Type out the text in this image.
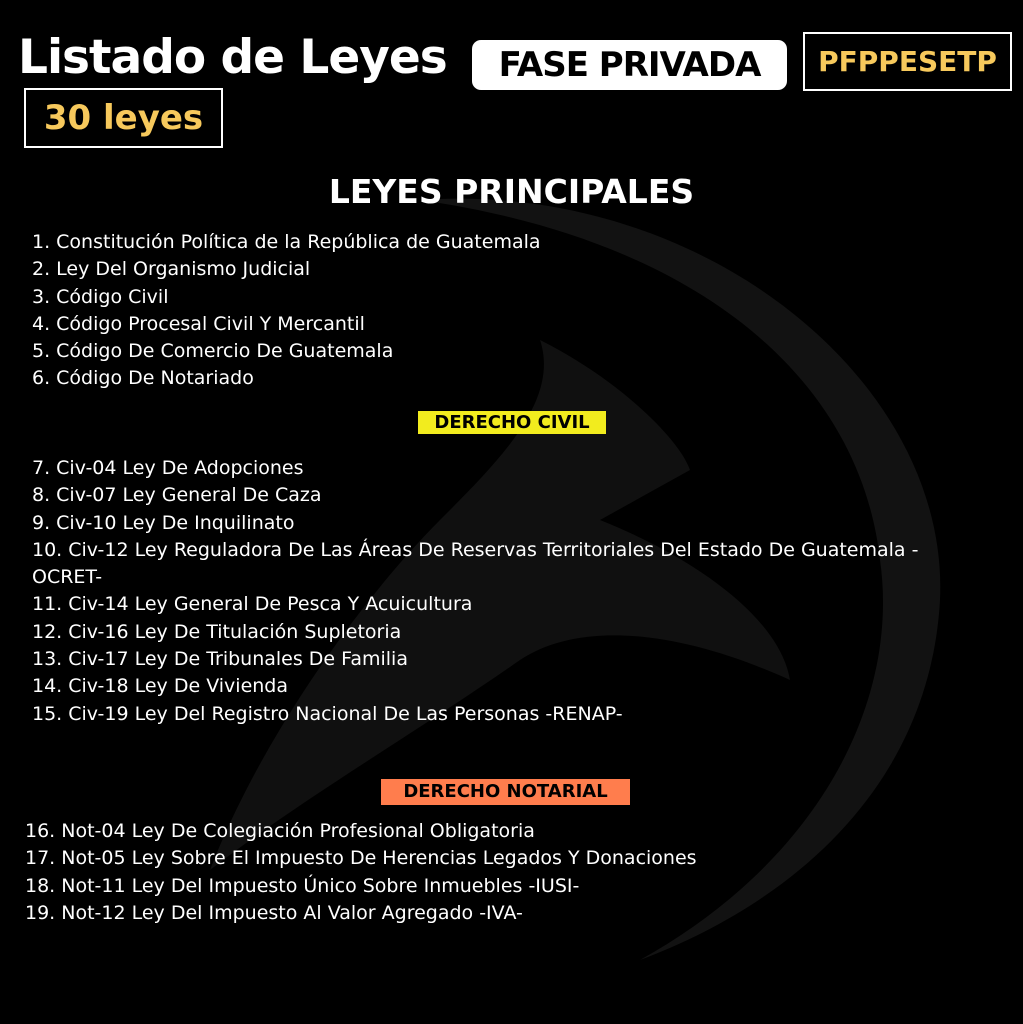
Listado de Leyes	FASE PRIVADA	PFPPESETP
30 leyes
LEYES PRINCIPALES
1. Constitución Política de la República de Guatemala
2. Ley Del Organismo Judicial
3. Código Civil
4. Código Procesal Civil Y Mercantil
5. Código De Comercio De Guatemala
6. Código De Notariado
DERECHO CIVIL
7. Civ-04 Ley De Adopciones
8. Civ-07 Ley General De Caza
9. Civ-10 Ley De Inquilinato
10. Civ-12 Ley Reguladora De Las Áreas De Reservas Territoriales Del Estado De Guatemala -OCRET-
11. Civ-14 Ley General De Pesca Y Acuicultura
12. Civ-16 Ley De Titulación Supletoria
13. Civ-17 Ley De Tribunales De Familia
14. Civ-18 Ley De Vivienda
15. Civ-19 Ley Del Registro Nacional De Las Personas -RENAP-
DERECHO NOTARIAL
16. Not-04 Ley De Colegiación Profesional Obligatoria
17. Not-05 Ley Sobre El Impuesto De Herencias Legados Y Donaciones
18. Not-11 Ley Del Impuesto Único Sobre Inmuebles -IUSI-
19. Not-12 Ley Del Impuesto Al Valor Agregado -IVA-
